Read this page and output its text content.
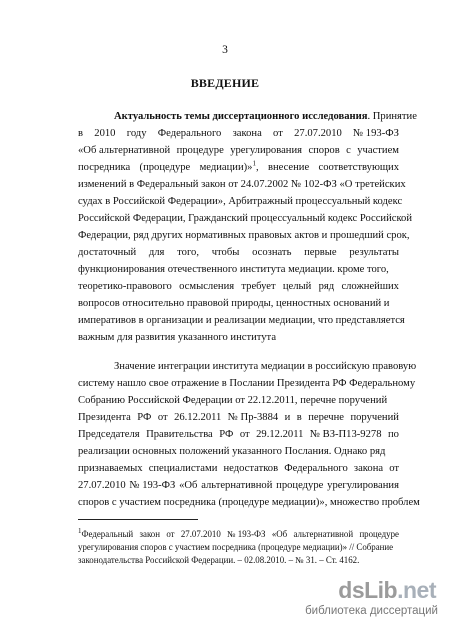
3
ВВЕДЕНИЕ
Актуальность темы диссертационного исследования. Принятие
в 2010 году Федерального закона от 27.07.2010 № 193-ФЗ
«Об альтернативной процедуре урегулирования споров с участием
посредника (процедуре медиации)»$^1$, внесение соответствующих
изменений в Федеральный закон от 24.07.2002 № 102-ФЗ «О третейских
судах в Российской Федерации», Арбитражный процессуальный кодекс
Российской Федерации, Гражданский процессуальный кодекс Российской
Федерации, ряд других нормативных правовых актов и прошедший срок,
достаточный для того, чтобы осознать первые результаты
функционирования отечественного института медиации. кроме того,
теоретико-правового осмысления требует целый ряд сложнейших
вопросов относительно правовой природы, ценностных оснований и
императивов в организации и реализации медиации, что представляется
важным для развития указанного института
Значение интеграции института медиации в российскую правовую
систему нашло свое отражение в Послании Президента РФ Федеральному
Собранию Российской Федерации от 22.12.2011, перечне поручений
Президента РФ от 26.12.2011 № Пр-3884 и в перечне поручений
Председателя Правительства РФ от 29.12.2011 № ВЗ-П13-9278 по
реализации основных положений указанного Послания. Однако ряд
признаваемых специалистами недостатков Федерального закона от
27.07.2010 № 193-ФЗ «Об альтернативной процедуре урегулирования
споров с участием посредника (процедуре медиации)», множество проблем
$^1$Федеральный закон от 27.07.2010 № 193-ФЗ «Об альтернативной процедуре
урегулирования споров с участием посредника (процедуре медиации)» // Собрание
законодательства Российской Федерации. – 02.08.2010. – № 31. – Ст. 4162.
dsLib.net
библиотека диссертаций
